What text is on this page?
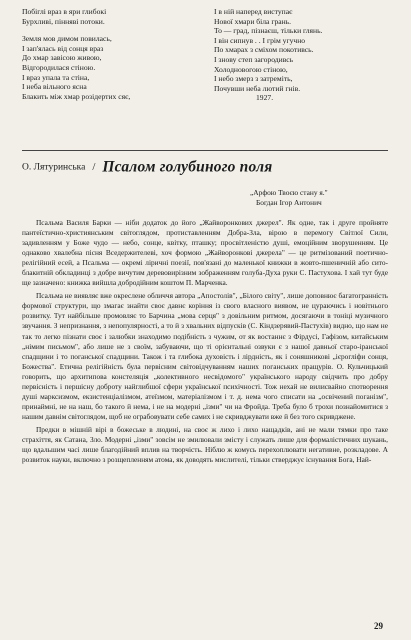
Побіглі враз в яри глибокі
Бурхливі, пінняві потоки.
Земля мов димом повилась,
І зап'ялась від сонця враз
До хмар завісою живою,
Відгородилася стіною.
І враз упала та стіна,
І неба вільного ясна
Блакить між хмар розідертих сяє,
І в ній наперед виступає
Нової хмари біла грань.
То — град, пізнаєш, тільки глянь.
І він сипнув . . І грім угучно
По хмарах з сміхом покотивсь.
І знову степ загородивсь
Холодновогою стіною,
І небо змерз з затреміть,
Почувши неба лютий гнів.
1927.
О. Лятуринська / Псалом голубиного поля
„Арфою Твоєю стану я."
Богдан Ігор Антонич

Псальма Василя Барки — ніби додаток до його „Жайворонкових джерел". Як одне, так і друге пройняте пантеїстично-християнським світоглядом, протиставленням Добра-Зла, вірою в перемогу Світлої Сили, задивленням у Боже чудо — небо, сонце, квітку, пташку; просвітленістю душі, емоційним зворушенням. Це однаково хвалебна пісня Вседержителеві, хоч формою „Жайворонкові джерела" — це ритмізований поетично-релігійний есей, а Псальма — окремі ліричні поезії, пов'язані до маленької книжки в жовто-пшеничній або сито-блакитній обкладинці з добре вичутим деревовирізним зображенням голуба-Духа руки С. Пастухова. І хай тут буде ще зазначено: книжка вийшла добродійним коштом П. Марченка.

Псальма не виявляє вже окреслене обличчя автора „Апостолів", „Білого світу", лише доповнює багатогранність формової структури, що змагає знайти своє давнє коріння із свого власного виявом, не цураючись і новітнього розвитку. Тут найбільше промовляє то Барчина „мова серця" з довільним ритмом, досягаючи в тоніці музичного звучання. З непризнання, з непопулярності, а то й з хвальних відпусків (С. Кіндзерявий-Пастухів) видно, що нам не так то легко пізнати своє і залюбки знаходимо подібність з чужим, от як востаннє з Фірдусі, Гафізом, китайським „німим письмом", або лише не з своїм, забуваючи, що ті орієнтальні озвуки є з нашої давньої старо-іранської спадщини і то поганської спадщини. Також і та глибока духовість і лірдність, як і соняшникові „ієрогліфи сонця, Божества". Етична релігійність була первісним світовідчуванням наших поганських пращурів. О. Кульчицький говорить, що архитипова констеляція „колективного несвідомого" українського народу свідчить про добру первісність і першісну доброту найглибшої сфери української психічності. Тож нехай не вилисвайно спотворення душі марксизмом, екзистенціалізмом, атеїзмом, матеріалізмом і т. д. нема чого списати на „освічений поганізм", принаймні, не на наш, бо такого й нема, і не на модерні „ізми" чи на Фройда. Треба було б трохи познайомитися з нашим давнім світоглядом, щоб не ограбовувати себе самих і не скривджувати вже й без того скривджене.

Предки в мішній вірі в божеське в людині, на своє ж лихо і лихо нащадків, ані не мали тямки про таке страхіття, як Сатана, Зло. Модерні „ізми" зовсім не змилювали змісту і служать лише для формалістичних шукань, що вдальшим часі лише благодійний вплив на творчість. Ніблю ж комусь перехоплювати негативне, розкладове. А розвиток науки, включно з розщепленням атома, як доводять мислителі, тільки стверджує існування Бога, Най-

29
